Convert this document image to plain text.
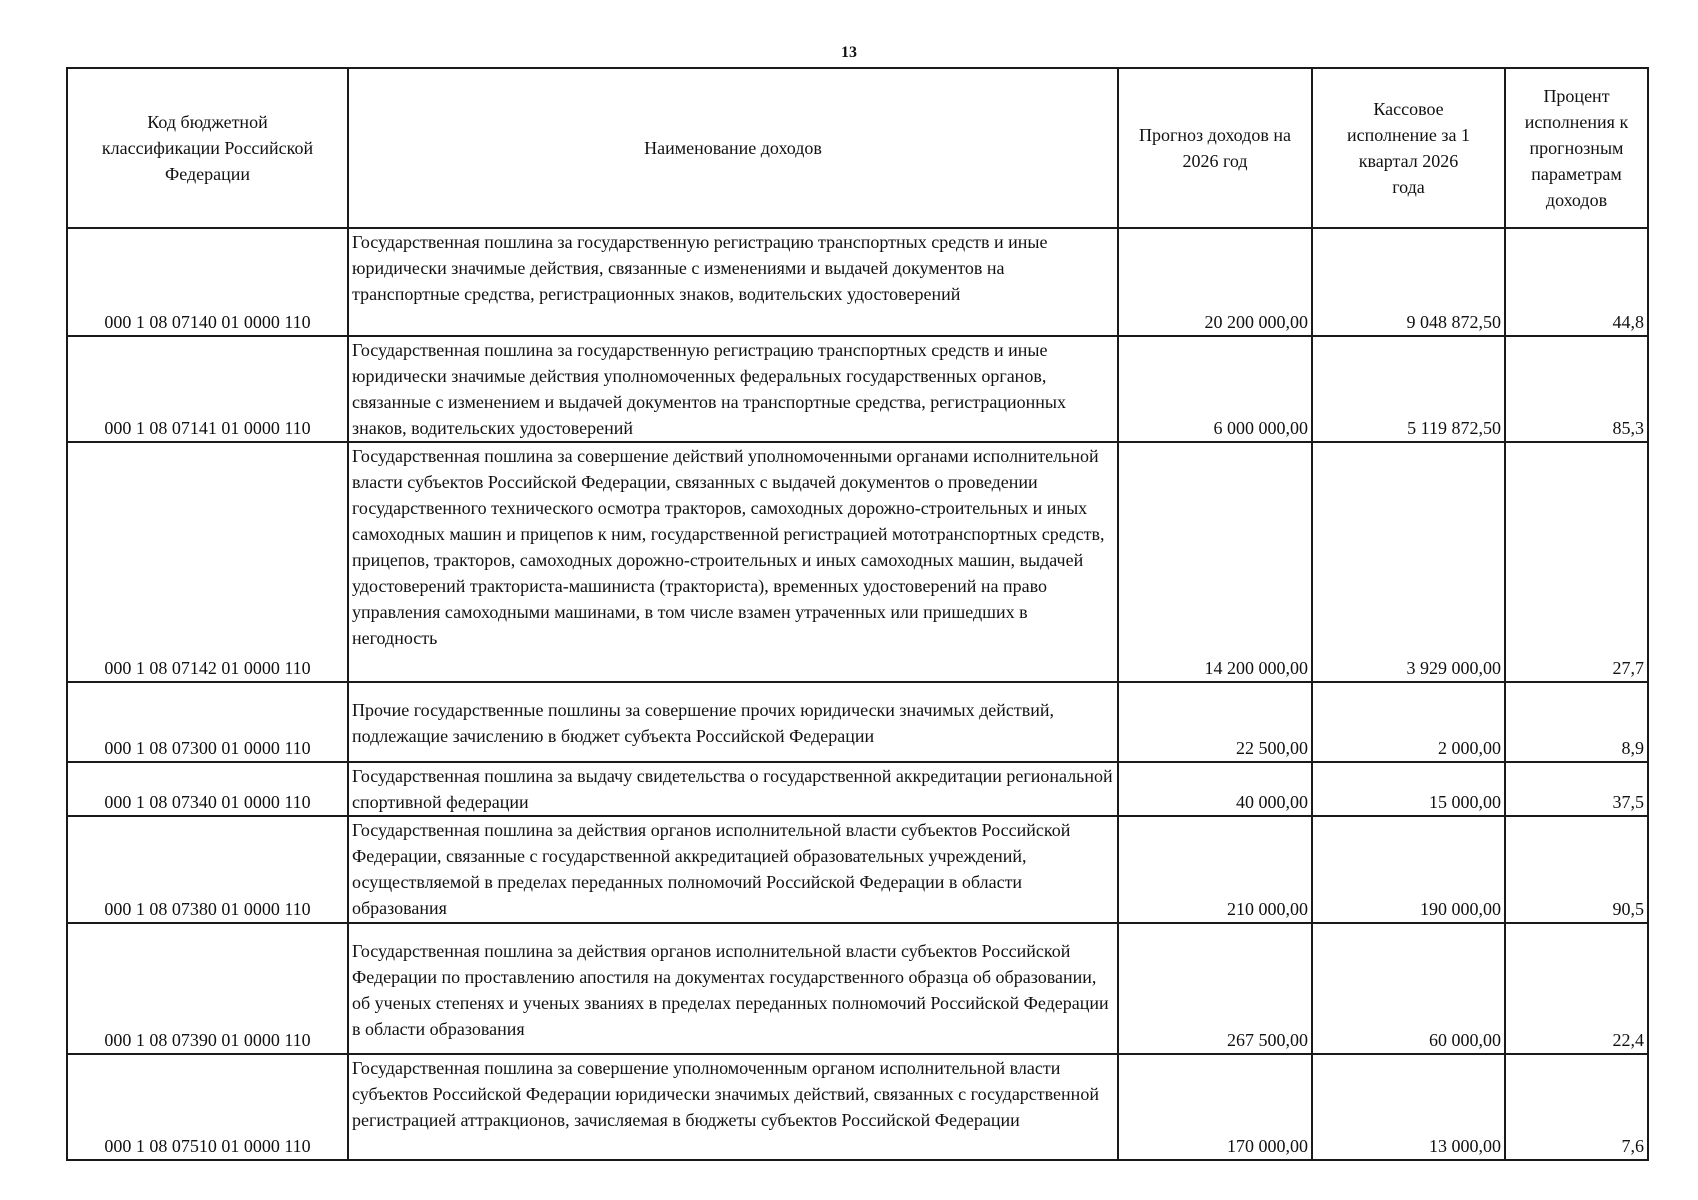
13
Код бюджетной классификации Российской Федерации	Наименование доходов	Прогноз доходов на 2026 год	Кассовое исполнение за 1 квартал 2026 года	Процент исполнения к прогнозным параметрам доходов
000 1 08 07140 01 0000 110	Государственная пошлина за государственную регистрацию транспортных средств и иные юридически значимые действия, связанные с изменениями и выдачей документов на транспортные средства, регистрационных знаков, водительских удостоверений	20 200 000,00	9 048 872,50	44,8
000 1 08 07141 01 0000 110	Государственная пошлина за государственную регистрацию транспортных средств и иные юридически значимые действия уполномоченных федеральных государственных органов, связанные с изменением и выдачей документов на транспортные средства, регистрационных знаков, водительских удостоверений	6 000 000,00	5 119 872,50	85,3
000 1 08 07142 01 0000 110	Государственная пошлина за совершение действий уполномоченными органами исполнительной власти субъектов Российской Федерации, связанных с выдачей документов о проведении государственного технического осмотра тракторов, самоходных дорожно-строительных и иных самоходных машин и прицепов к ним, государственной регистрацией мототранспортных средств, прицепов, тракторов, самоходных дорожно-строительных и иных самоходных машин, выдачей удостоверений тракториста-машиниста (тракториста), временных удостоверений на право управления самоходными машинами, в том числе взамен утраченных или пришедших в негодность	14 200 000,00	3 929 000,00	27,7
000 1 08 07300 01 0000 110	Прочие государственные пошлины за совершение прочих юридически значимых действий, подлежащие зачислению в бюджет субъекта Российской Федерации	22 500,00	2 000,00	8,9
000 1 08 07340 01 0000 110	Государственная пошлина за выдачу свидетельства о государственной аккредитации региональной спортивной федерации	40 000,00	15 000,00	37,5
000 1 08 07380 01 0000 110	Государственная пошлина за действия органов исполнительной власти субъектов Российской Федерации, связанные с государственной аккредитацией образовательных учреждений, осуществляемой в пределах переданных полномочий Российской Федерации в области образования	210 000,00	190 000,00	90,5
000 1 08 07390 01 0000 110	Государственная пошлина за действия органов исполнительной власти субъектов Российской Федерации по проставлению апостиля на документах государственного образца об образовании, об ученых степенях и ученых званиях в пределах переданных полномочий Российской Федерации в области образования	267 500,00	60 000,00	22,4
000 1 08 07510 01 0000 110	Государственная пошлина за совершение уполномоченным органом исполнительной власти субъектов Российской Федерации юридически значимых действий, связанных с государственной регистрацией аттракционов, зачисляемая в бюджеты субъектов Российской Федерации	170 000,00	13 000,00	7,6
